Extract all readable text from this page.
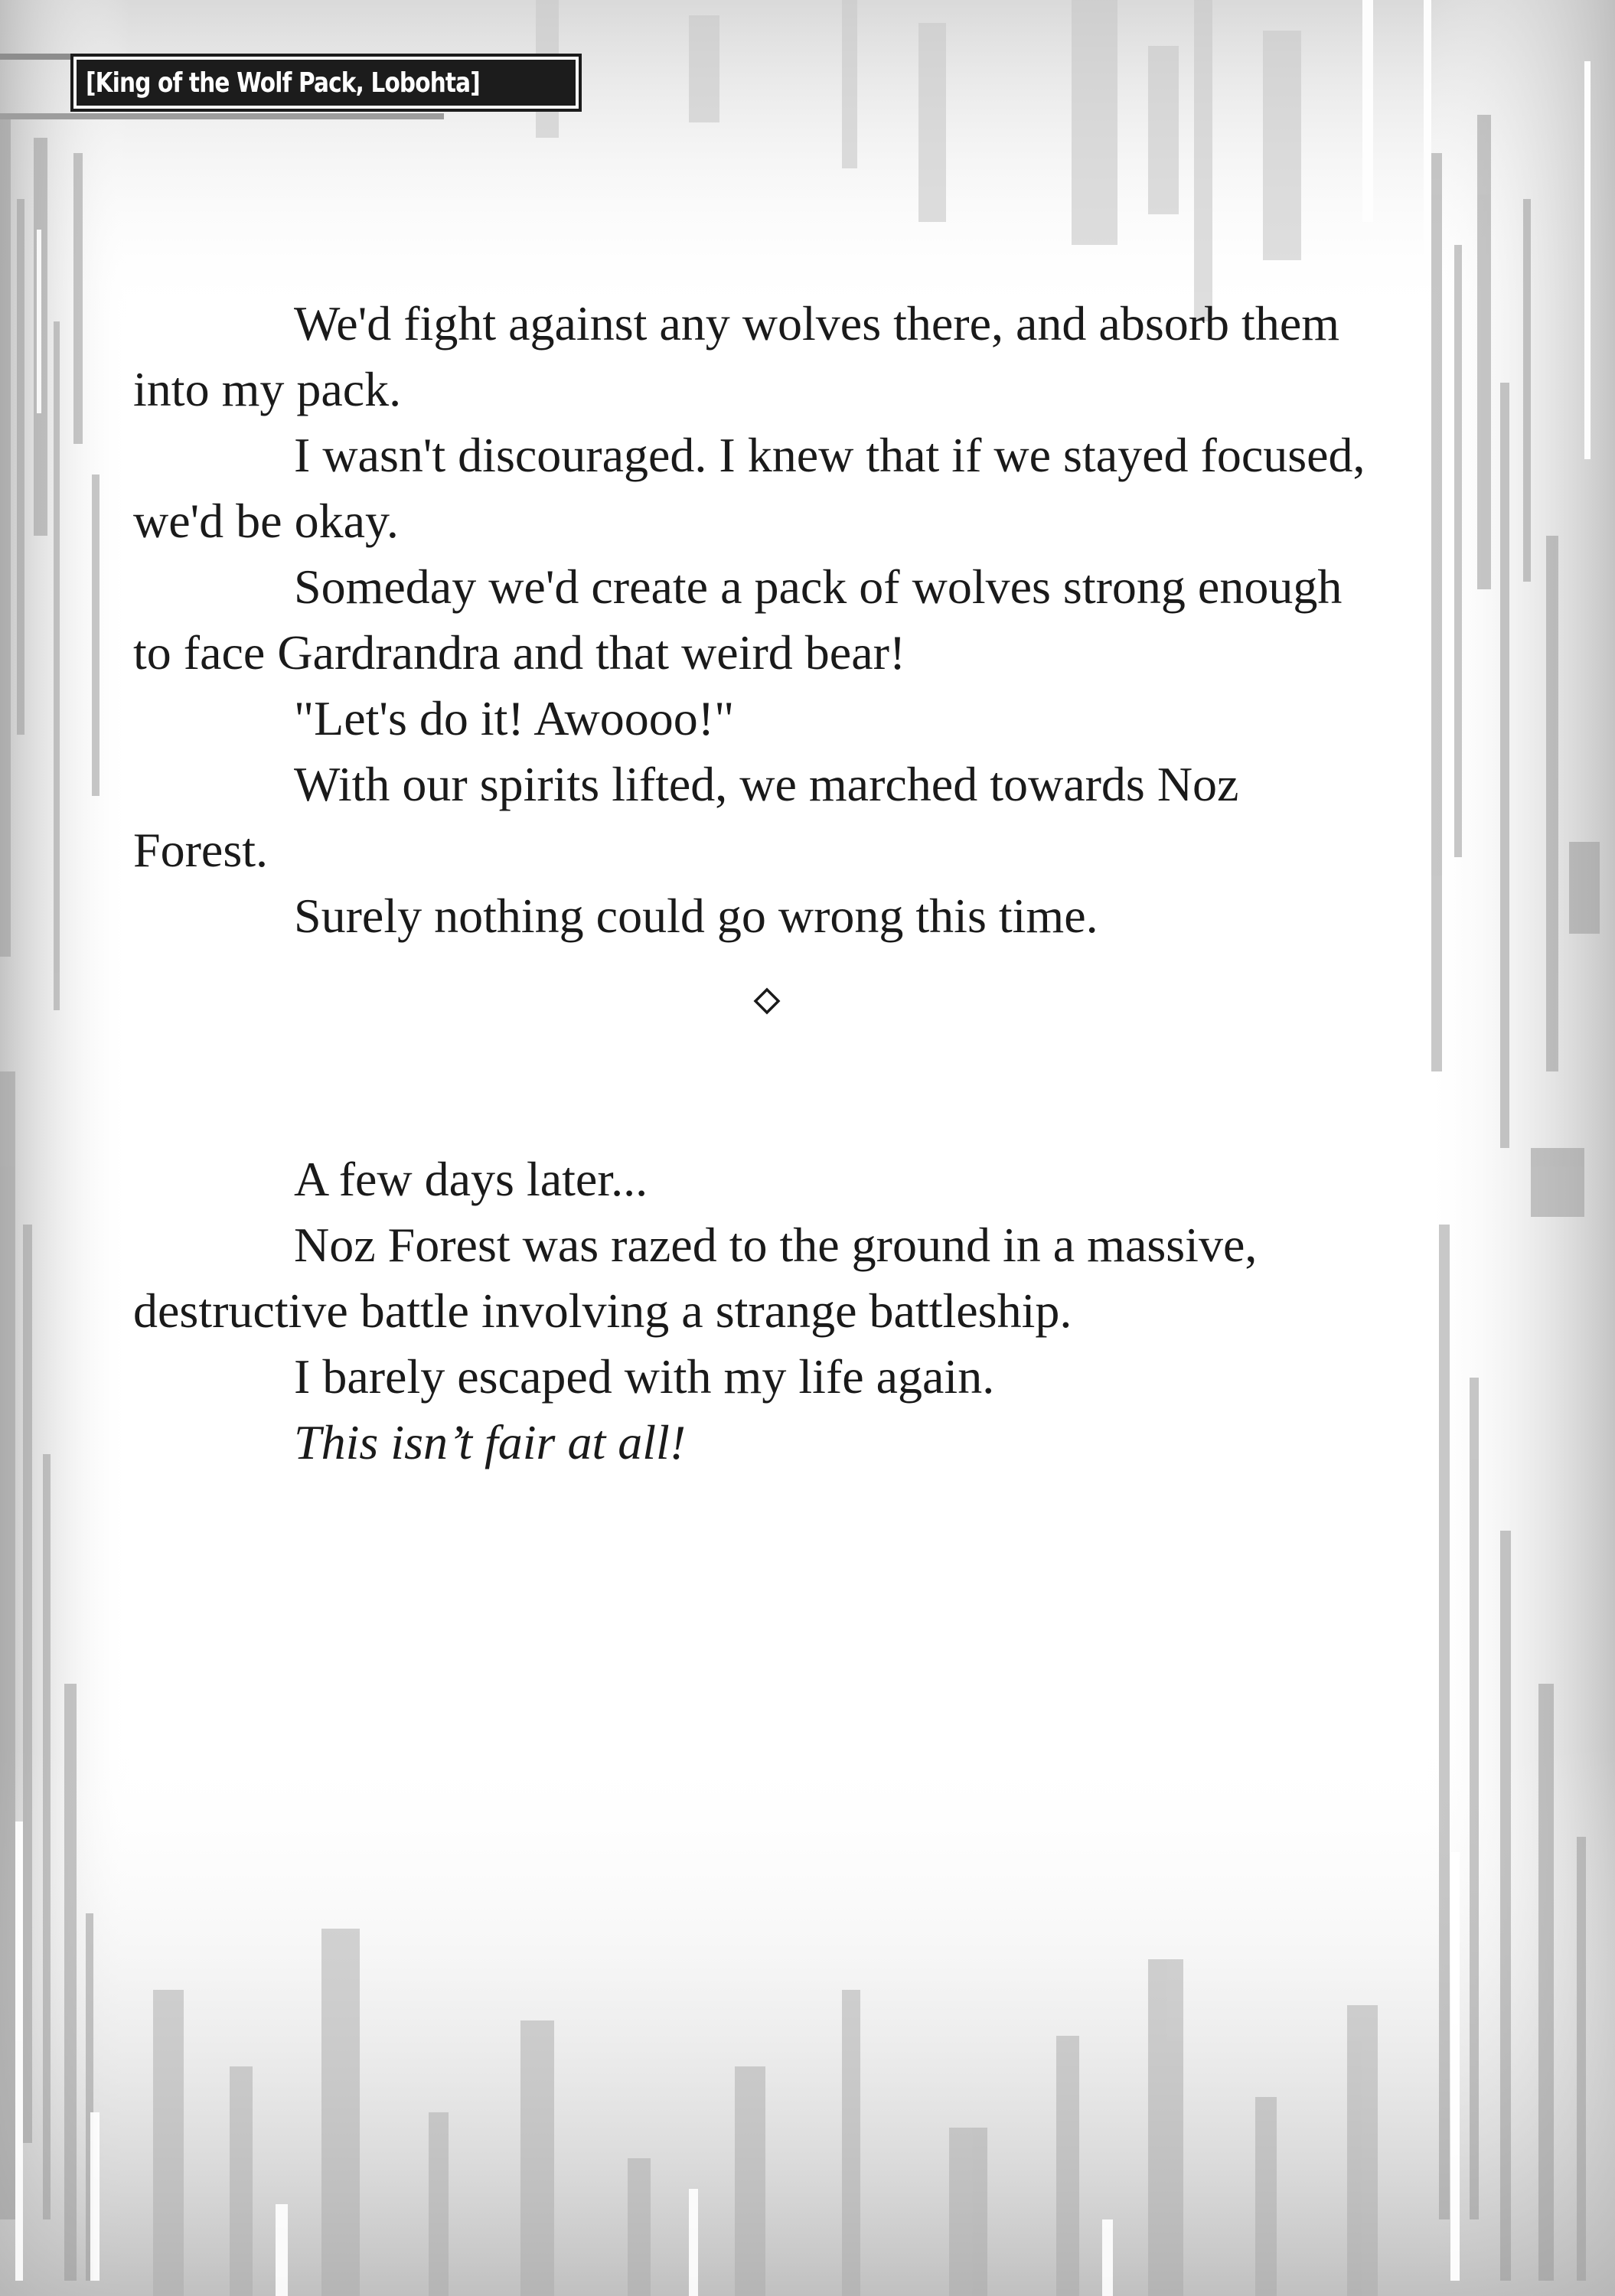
[King of the Wolf Pack, Lobohta]

We'd fight against any wolves there, and absorb them into my pack.

I wasn't discouraged. I knew that if we stayed focused, we'd be okay.

Someday we'd create a pack of wolves strong enough to face Gardrandra and that weird bear!

"Let's do it! Awoooo!"

With our spirits lifted, we marched towards Noz Forest.

Surely nothing could go wrong this time.

A few days later...

Noz Forest was razed to the ground in a massive, destructive battle involving a strange battleship.

I barely escaped with my life again.

This isn’t fair at all!
